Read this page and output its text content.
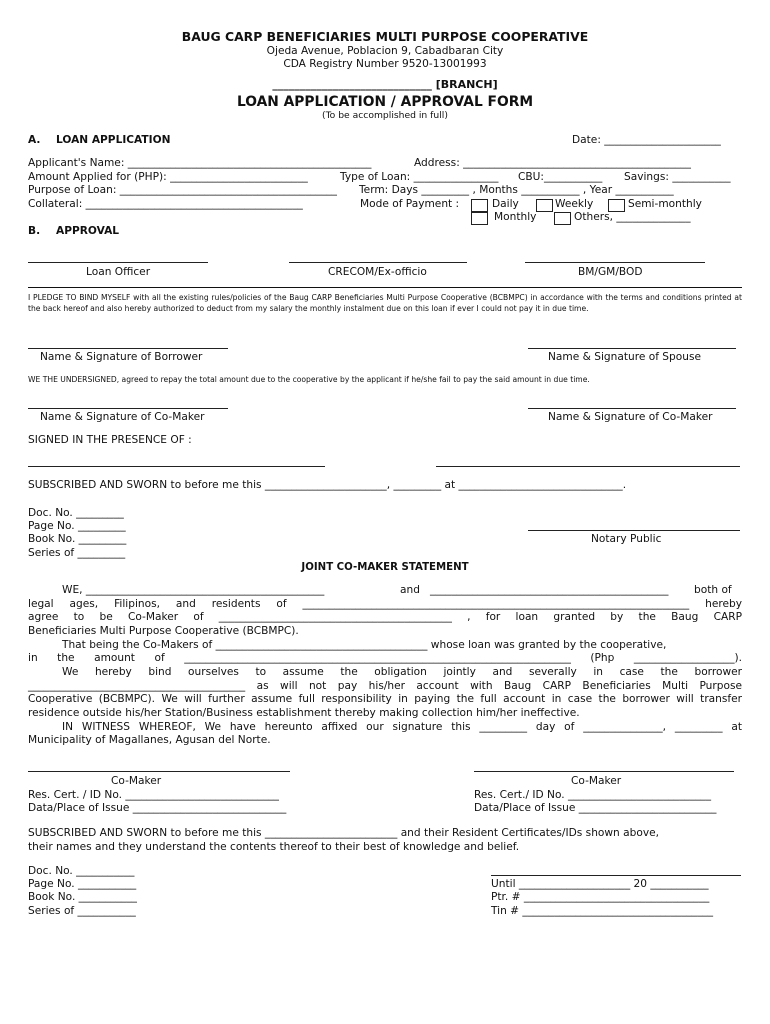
BAUG CARP BENEFICIARIES MULTI PURPOSE COOPERATIVE
Ojeda Avenue, Poblacion 9, Cabadbaran City
CDA Registry Number 9520-13001993
_____________________________ [BRANCH]
LOAN APPLICATION / APPROVAL FORM
(To be accomplished in full)
A. LOAN APPLICATION	Date: ______________________
Applicant's Name: ______________________________________________	Address: ___________________________________________
Amount Applied for (PHP): __________________________	Type of Loan: ________________ CBU:___________ Savings: ___________
Purpose of Loan: _________________________________________ Term: Days _________ , Months ___________ , Year ___________
Collateral: _________________________________________	Mode of Payment :	Daily	Weekly	Semi-monthly
Monthly	Others, ______________
B. APPROVAL
Loan Officer	CRECOM/Ex-officio	BM/GM/BOD
I PLEDGE TO BIND MYSELF with all the existing rules/policies of the Baug CARP Beneficiaries Multi Purpose Cooperative (BCBMPC) in accordance with the terms and conditions printed at the back hereof and also hereby authorized to deduct from my salary the monthly instalment due on this loan if ever I could not pay it in due time.
Name & Signature of Borrower	Name & Signature of Spouse
WE THE UNDERSIGNED, agreed to repay the total amount due to the cooperative by the applicant if he/she fail to pay the said amount in due time.
Name & Signature of Co-Maker	Name & Signature of Co-Maker
SIGNED IN THE PRESENCE OF :
SUBSCRIBED AND SWORN to before me this _______________________, _________ at _______________________________.
Doc. No. _________
Page No. _________
Book No. _________
Series of _________
Notary Public
JOINT CO-MAKER STATEMENT
WE, _____________________________________________	and _____________________________________________ both of
legal ages, Filipinos, and residents of _________________________________________________________________________ hereby
agree to be Co-Maker of ____________________________________________ , for loan granted by the Baug CARP
Beneficiaries Multi Purpose Cooperative (BCBMPC).
That being the Co-Makers of ________________________________________ whose loan was granted by the cooperative,
in the amount of _________________________________________________________________________ (Php ___________________).
We hereby bind ourselves to assume the obligation jointly and severally in case the borrower
_________________________________________ as will not pay his/her account with Baug CARP Beneficiaries Multi Purpose
Cooperative (BCBMPC). We will further assume full responsibility in paying the full account in case the borrower will transfer
residence outside his/her Station/Business establishment thereby making collection him/her ineffective.
IN WITNESS WHEREOF, We have hereunto affixed our signature this _________ day of _______________, _________ at
Municipality of Magallanes, Agusan del Norte.
Co-Maker	Co-Maker
Res. Cert. / ID No. _____________________________	Res. Cert./ ID No. ___________________________
Data/Place of Issue _____________________________	Data/Place of Issue __________________________
SUBSCRIBED AND SWORN to before me this _________________________ and their Resident Certificates/IDs shown above,
their names and they understand the contents thereof to their best of knowledge and belief.
Doc. No. ___________
Page No. ___________
Book No. ___________
Series of ___________
Until _____________________ 20 ___________
Ptr. # ___________________________________
Tin # ____________________________________
